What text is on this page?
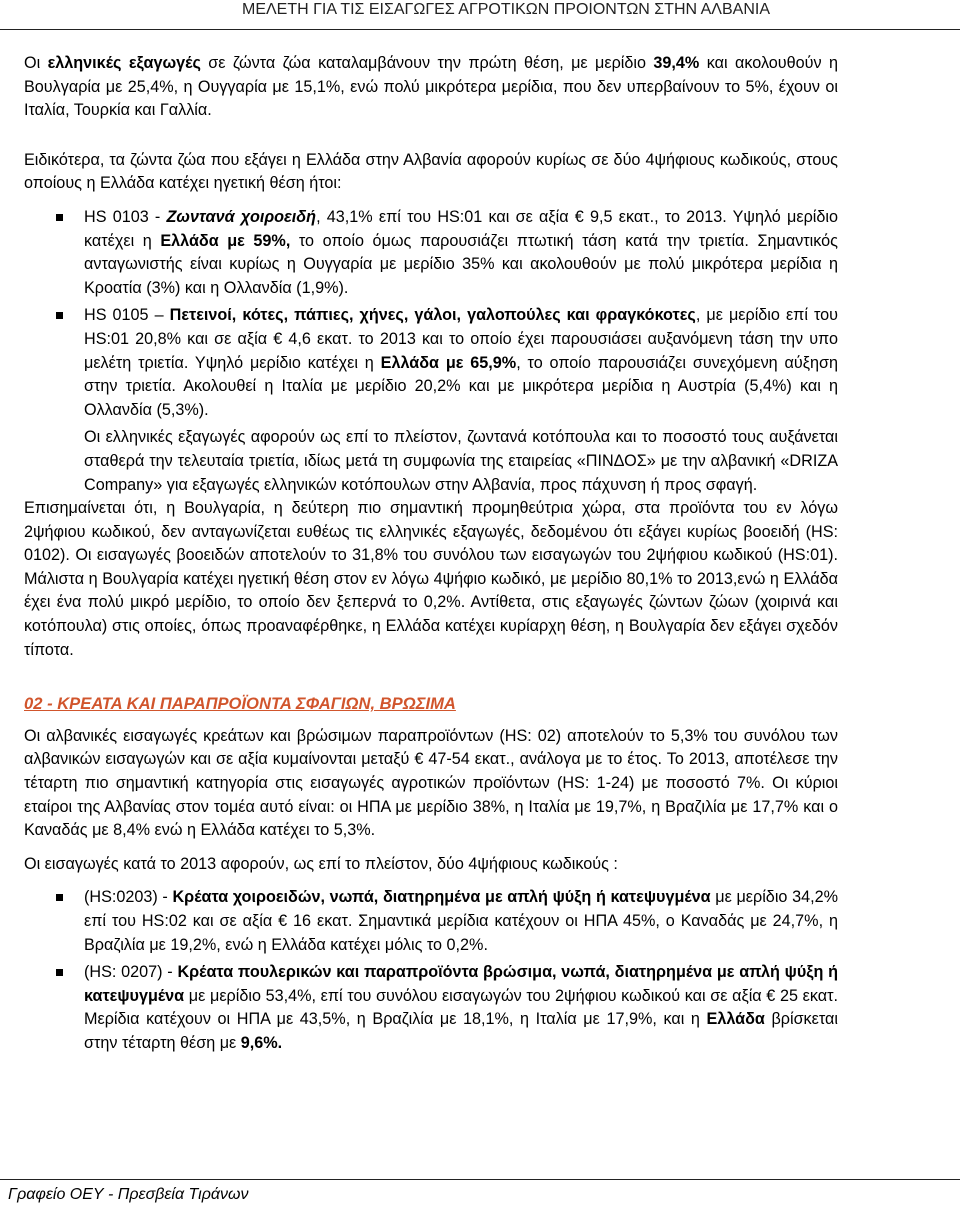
ΜΕΛΕΤΗ ΓΙΑ ΤΙΣ ΕΙΣΑΓΩΓΕΣ ΑΓΡΟΤΙΚΩΝ ΠΡΟΙΟΝΤΩΝ ΣΤΗΝ ΑΛΒΑΝΙΑ

Οι ελληνικές εξαγωγές σε ζώντα ζώα καταλαμβάνουν την πρώτη θέση, με μερίδιο 39,4% και ακολουθούν η Βουλγαρία με 25,4%, η Ουγγαρία με 15,1%, ενώ πολύ μικρότερα μερίδια, που δεν υπερβαίνουν το 5%, έχουν οι Ιταλία, Τουρκία και Γαλλία.

Ειδικότερα, τα ζώντα ζώα που εξάγει η Ελλάδα στην Αλβανία αφορούν κυρίως σε δύο 4ψήφιους κωδικούς, στους οποίους η Ελλάδα κατέχει ηγετική θέση ήτοι:

HS 0103 - Ζωντανά χοιροειδή, 43,1% επί του HS:01 και σε αξία € 9,5 εκατ., το 2013. Υψηλό μερίδιο κατέχει η Ελλάδα με 59%, το οποίο όμως παρουσιάζει πτωτική τάση κατά την τριετία. Σημαντικός ανταγωνιστής είναι κυρίως η Ουγγαρία με μερίδιο 35% και ακολουθούν με πολύ μικρότερα μερίδια η Κροατία (3%) και η Ολλανδία (1,9%).
HS 0105 – Πετεινοί, κότες, πάπιες, χήνες, γάλοι, γαλοπούλες και φραγκόκοτες, με μερίδιο επί του HS:01 20,8% και σε αξία € 4,6 εκατ. το 2013 και το οποίο έχει παρουσιάσει αυξανόμενη τάση την υπο μελέτη τριετία. Υψηλό μερίδιο κατέχει η Ελλάδα με 65,9%, το οποίο παρουσιάζει συνεχόμενη αύξηση στην τριετία. Ακολουθεί η Ιταλία με μερίδιο 20,2% και με μικρότερα μερίδια η Αυστρία (5,4%) και η Ολλανδία (5,3%).

Οι ελληνικές εξαγωγές αφορούν ως επί το πλείστον, ζωντανά κοτόπουλα και το ποσοστό τους αυξάνεται σταθερά την τελευταία τριετία, ιδίως μετά τη συμφωνία της εταιρείας «ΠΙΝΔΟΣ» με την αλβανική «DRIZA Company» για εξαγωγές ελληνικών κοτόπουλων στην Αλβανία, προς πάχυνση ή προς σφαγή.

Επισημαίνεται ότι, η Βουλγαρία, η δεύτερη πιο σημαντική προμηθεύτρια χώρα, στα προϊόντα του εν λόγω 2ψήφιου κωδικού, δεν ανταγωνίζεται ευθέως τις ελληνικές εξαγωγές, δεδομένου ότι εξάγει κυρίως βοοειδή (HS: 0102). Οι εισαγωγές βοοειδών αποτελούν το 31,8% του συνόλου των εισαγωγών του 2ψήφιου κωδικού (HS:01). Μάλιστα η Βουλγαρία κατέχει ηγετική θέση στον εν λόγω 4ψήφιο κωδικό, με μερίδιο 80,1% το 2013,ενώ η Ελλάδα έχει ένα πολύ μικρό μερίδιο, το οποίο δεν ξεπερνά το 0,2%. Αντίθετα, στις εξαγωγές ζώντων ζώων (χοιρινά και κοτόπουλα) στις οποίες, όπως προαναφέρθηκε, η Ελλάδα κατέχει κυρίαρχη θέση, η Βουλγαρία δεν εξάγει σχεδόν τίποτα.

02 - ΚΡΕΑΤΑ ΚΑΙ ΠΑΡΑΠΡΟΪΟΝΤΑ ΣΦΑΓΙΩΝ, ΒΡΩΣΙΜΑ

Οι αλβανικές εισαγωγές κρεάτων και βρώσιμων παραπροϊόντων (HS: 02) αποτελούν το 5,3% του συνόλου των αλβανικών εισαγωγών και σε αξία κυμαίνονται μεταξύ € 47-54 εκατ., ανάλογα με το έτος. Το 2013, αποτέλεσε την τέταρτη πιο σημαντική κατηγορία στις εισαγωγές αγροτικών προϊόντων (HS: 1-24) με ποσοστό 7%. Οι κύριοι εταίροι της Αλβανίας στον τομέα αυτό είναι: οι ΗΠΑ με μερίδιο 38%, η Ιταλία με 19,7%, η Βραζιλία με 17,7% και ο Καναδάς με 8,4% ενώ η Ελλάδα κατέχει το 5,3%.

Οι εισαγωγές κατά το 2013 αφορούν, ως επί το πλείστον, δύο 4ψήφιους κωδικούς :

(HS:0203) - Κρέατα χοιροειδών, νωπά, διατηρημένα με απλή ψύξη ή κατεψυγμένα με μερίδιο 34,2% επί του HS:02 και σε αξία € 16 εκατ. Σημαντικά μερίδια κατέχουν οι ΗΠΑ 45%, ο Καναδάς με 24,7%, η Βραζιλία με 19,2%, ενώ η Ελλάδα κατέχει μόλις το 0,2%.
(HS: 0207) - Κρέατα πουλερικών και παραπροϊόντα βρώσιμα, νωπά, διατηρημένα με απλή ψύξη ή κατεψυγμένα με μερίδιο 53,4%, επί του συνόλου εισαγωγών του 2ψήφιου κωδικού και σε αξία € 25 εκατ. Μερίδια κατέχουν οι ΗΠΑ με 43,5%, η Βραζιλία με 18,1%, η Ιταλία με 17,9%, και η Ελλάδα βρίσκεται στην τέταρτη θέση με 9,6%.
Γραφείο ΟΕΥ - Πρεσβεία Τιράνων
